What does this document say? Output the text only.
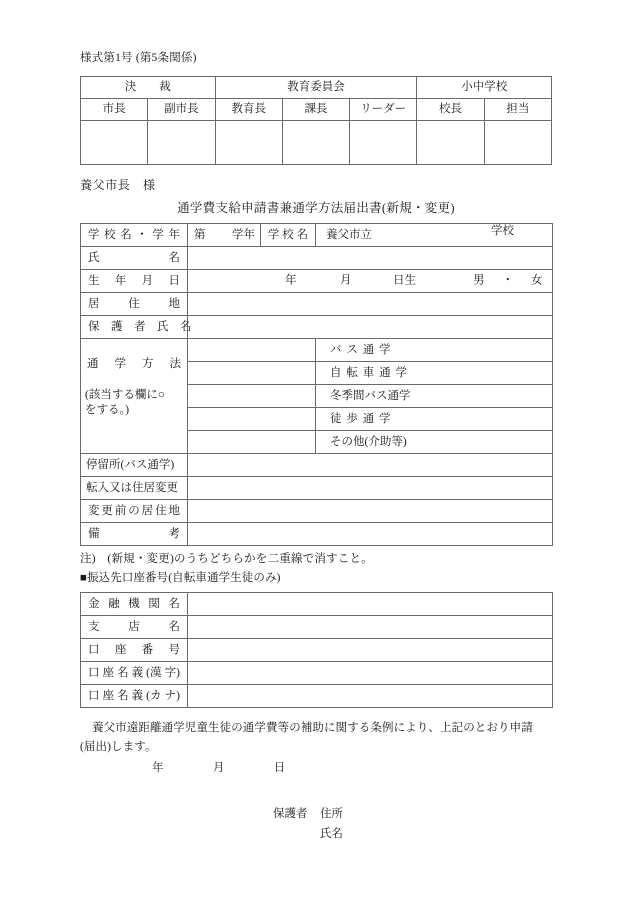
様式第1号 (第5条関係)
決　　裁		教育委員会			小中学校	
市長	副市長	教育長	課長	リーダー	校長	担当

養父市長　様
通学費支給申請書兼通学方法届出書(新規・変更)
学 校 名 ・ 学 年	第 学年	学 校 名	養父市立 学校

氏　　　　名			
生　年　月　日	年 月 日生 男　・　女		

居　　住　　地			
保　護　者　氏　名			

通　学　方　法

(該当する欄に○
をする。)			バ ス 通 学
			自 転 車 通 学
			冬季間バス通学
			徒 歩 通 学
			その他(介助等)
停留所(バス通学)			
転入又は住居変更			
変更前の居住地			
備　　　　　考			
注)　(新規・変更)のうちどちらかを二重線で消すこと。
■振込先口座番号(自転車通学生徒のみ)
金 融 機 関 名	
支　　店　　名	
口　座　番　号	
口 座 名 義 (漢 字)	
口 座 名 義 (カ ナ)	

養父市遠距離通学児童生徒の通学費等の補助に関する条例により、上記のとおり申請

(届出)します。

年	月	日
保護者 住所
氏名
